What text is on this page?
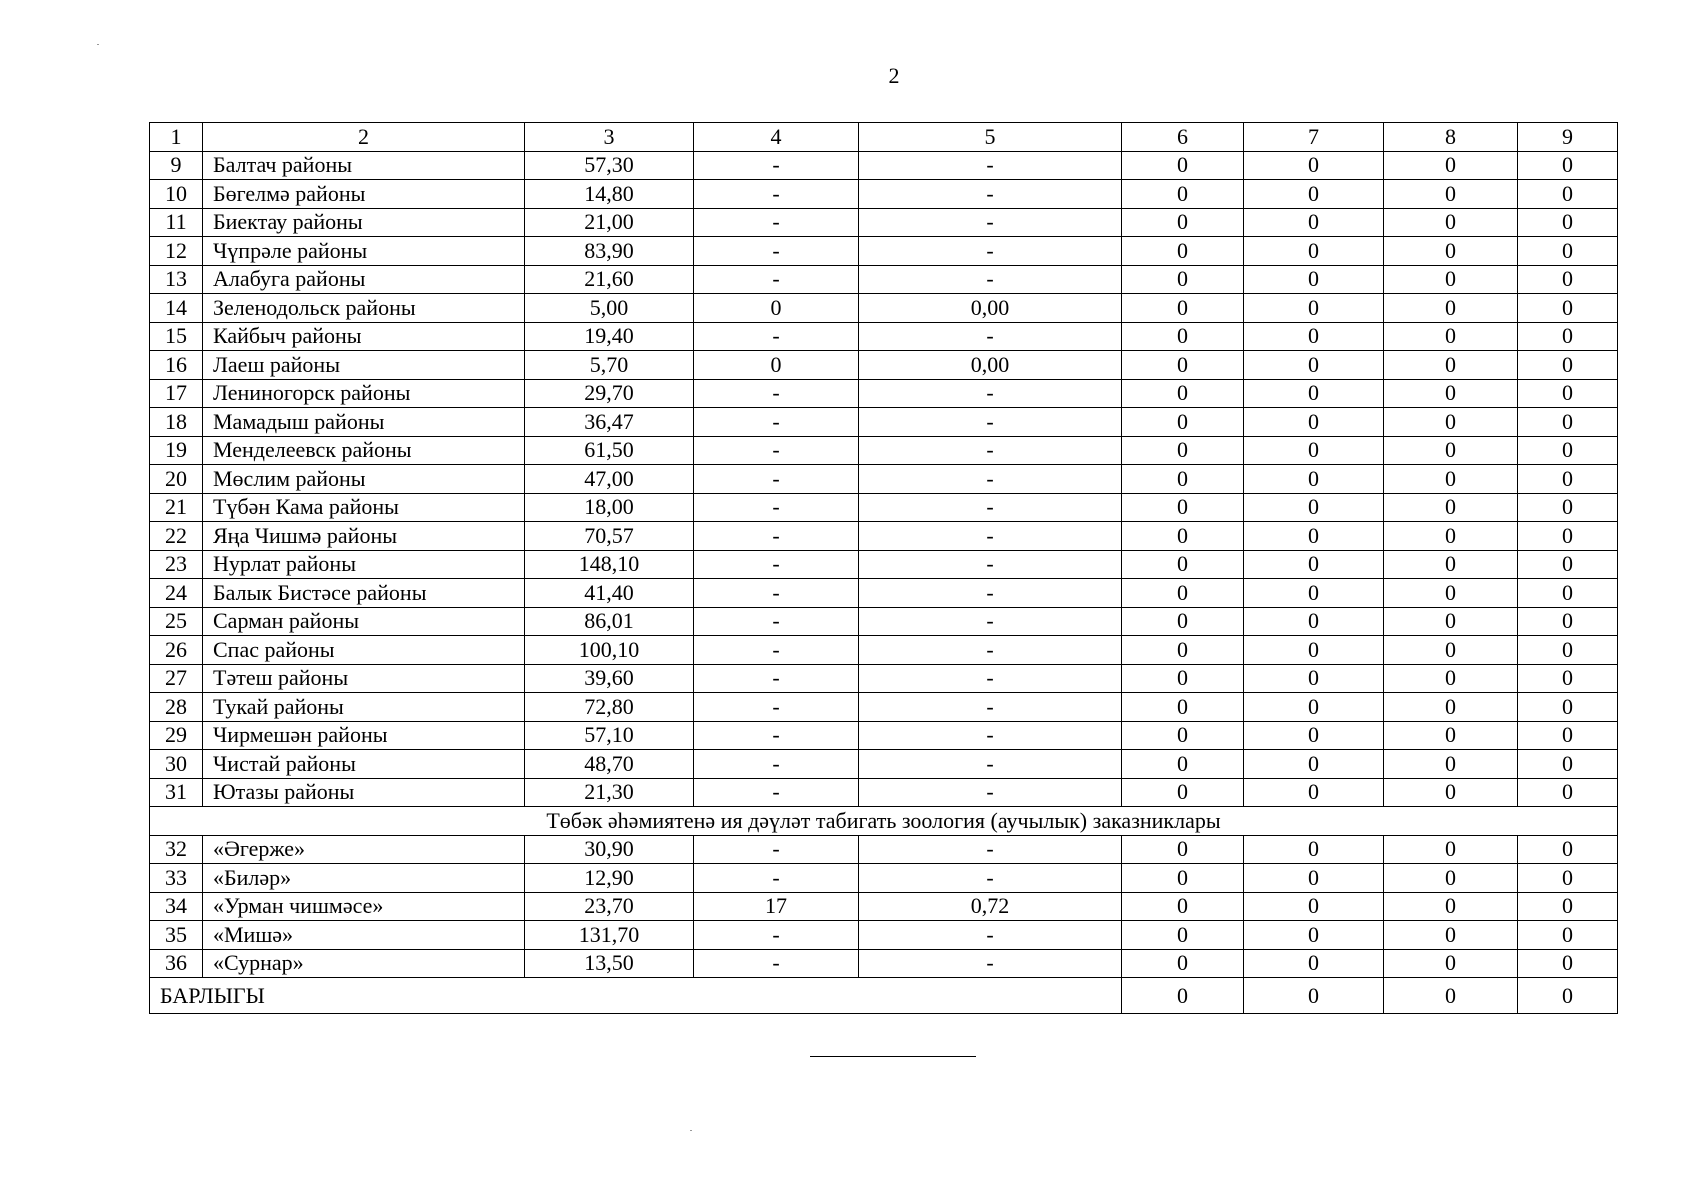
2
1	2	3	4	5	6	7	8	9
9	Балтач районы	57,30	-	-	0	0	0	0
10	Бөгелмә районы	14,80	-	-	0	0	0	0
11	Биектау районы	21,00	-	-	0	0	0	0
12	Чүпрәле районы	83,90	-	-	0	0	0	0
13	Алабуга районы	21,60	-	-	0	0	0	0
14	Зеленодольск районы	5,00	0	0,00	0	0	0	0
15	Кайбыч районы	19,40	-	-	0	0	0	0
16	Лаеш районы	5,70	0	0,00	0	0	0	0
17	Лениногорск районы	29,70	-	-	0	0	0	0
18	Мамадыш районы	36,47	-	-	0	0	0	0
19	Менделеевск районы	61,50	-	-	0	0	0	0
20	Мөслим районы	47,00	-	-	0	0	0	0
21	Түбән Кама районы	18,00	-	-	0	0	0	0
22	Яңа Чишмә районы	70,57	-	-	0	0	0	0
23	Нурлат районы	148,10	-	-	0	0	0	0
24	Балык Бистәсе районы	41,40	-	-	0	0	0	0
25	Сарман районы	86,01	-	-	0	0	0	0
26	Спас районы	100,10	-	-	0	0	0	0
27	Тәтеш районы	39,60	-	-	0	0	0	0
28	Тукай районы	72,80	-	-	0	0	0	0
29	Чирмешән районы	57,10	-	-	0	0	0	0
30	Чистай районы	48,70	-	-	0	0	0	0
31	Ютазы районы	21,30	-	-	0	0	0	0
Төбәк әһәмиятенә ия дәүләт табигать зоология (аучылык) заказниклары								
32	«Әгерже»	30,90	-	-	0	0	0	0
33	«Биләр»	12,90	-	-	0	0	0	0
34	«Урман чишмәсе»	23,70	17	0,72	0	0	0	0
35	«Мишә»	131,70	-	-	0	0	0	0
36	«Сурнар»	13,50	-	-	0	0	0	0
БАРЛЫГЫ					0	0	0	0
